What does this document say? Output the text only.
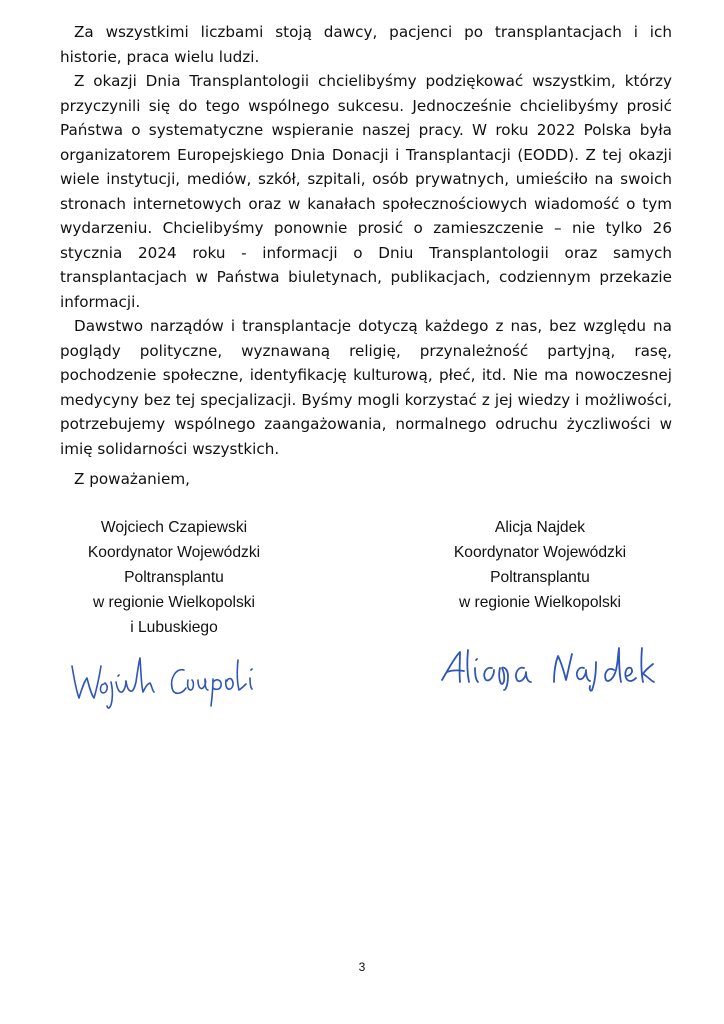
Za wszystkimi liczbami stoją dawcy, pacjenci po transplantacjach i ich historie, praca wielu ludzi.

Z okazji Dnia Transplantologii chcielibyśmy podziękować wszystkim, którzy przyczynili się do tego wspólnego sukcesu. Jednocześnie chcielibyśmy prosić Państwa o systematyczne wspieranie naszej pracy. W roku 2022 Polska była organizatorem Europejskiego Dnia Donacji i Transplantacji (EODD). Z tej okazji wiele instytucji, mediów, szkół, szpitali, osób prywatnych, umieściło na swoich stronach internetowych oraz w kanałach społecznościowych wiadomość o tym wydarzeniu. Chcielibyśmy ponownie prosić o zamieszczenie – nie tylko 26 stycznia 2024 roku - informacji o Dniu Transplantologii oraz samych transplantacjach w Państwa biuletynach, publikacjach, codziennym przekazie informacji.

Dawstwo narządów i transplantacje dotyczą każdego z nas, bez względu na poglądy polityczne, wyznawaną religię, przynależność partyjną, rasę, pochodzenie społeczne, identyfikację kulturową, płeć, itd. Nie ma nowoczesnej medycyny bez tej specjalizacji. Byśmy mogli korzystać z jej wiedzy i możliwości, potrzebujemy wspólnego zaangażowania, normalnego odruchu życzliwości w imię solidarności wszystkich.

Z poważaniem,
Wojciech Czapiewski
Koordynator Wojewódzki
Poltransplantu
w regionie Wielkopolski
i Lubuskiego
Alicja Najdek
Koordynator Wojewódzki
Poltransplantu
w regionie Wielkopolski
3
